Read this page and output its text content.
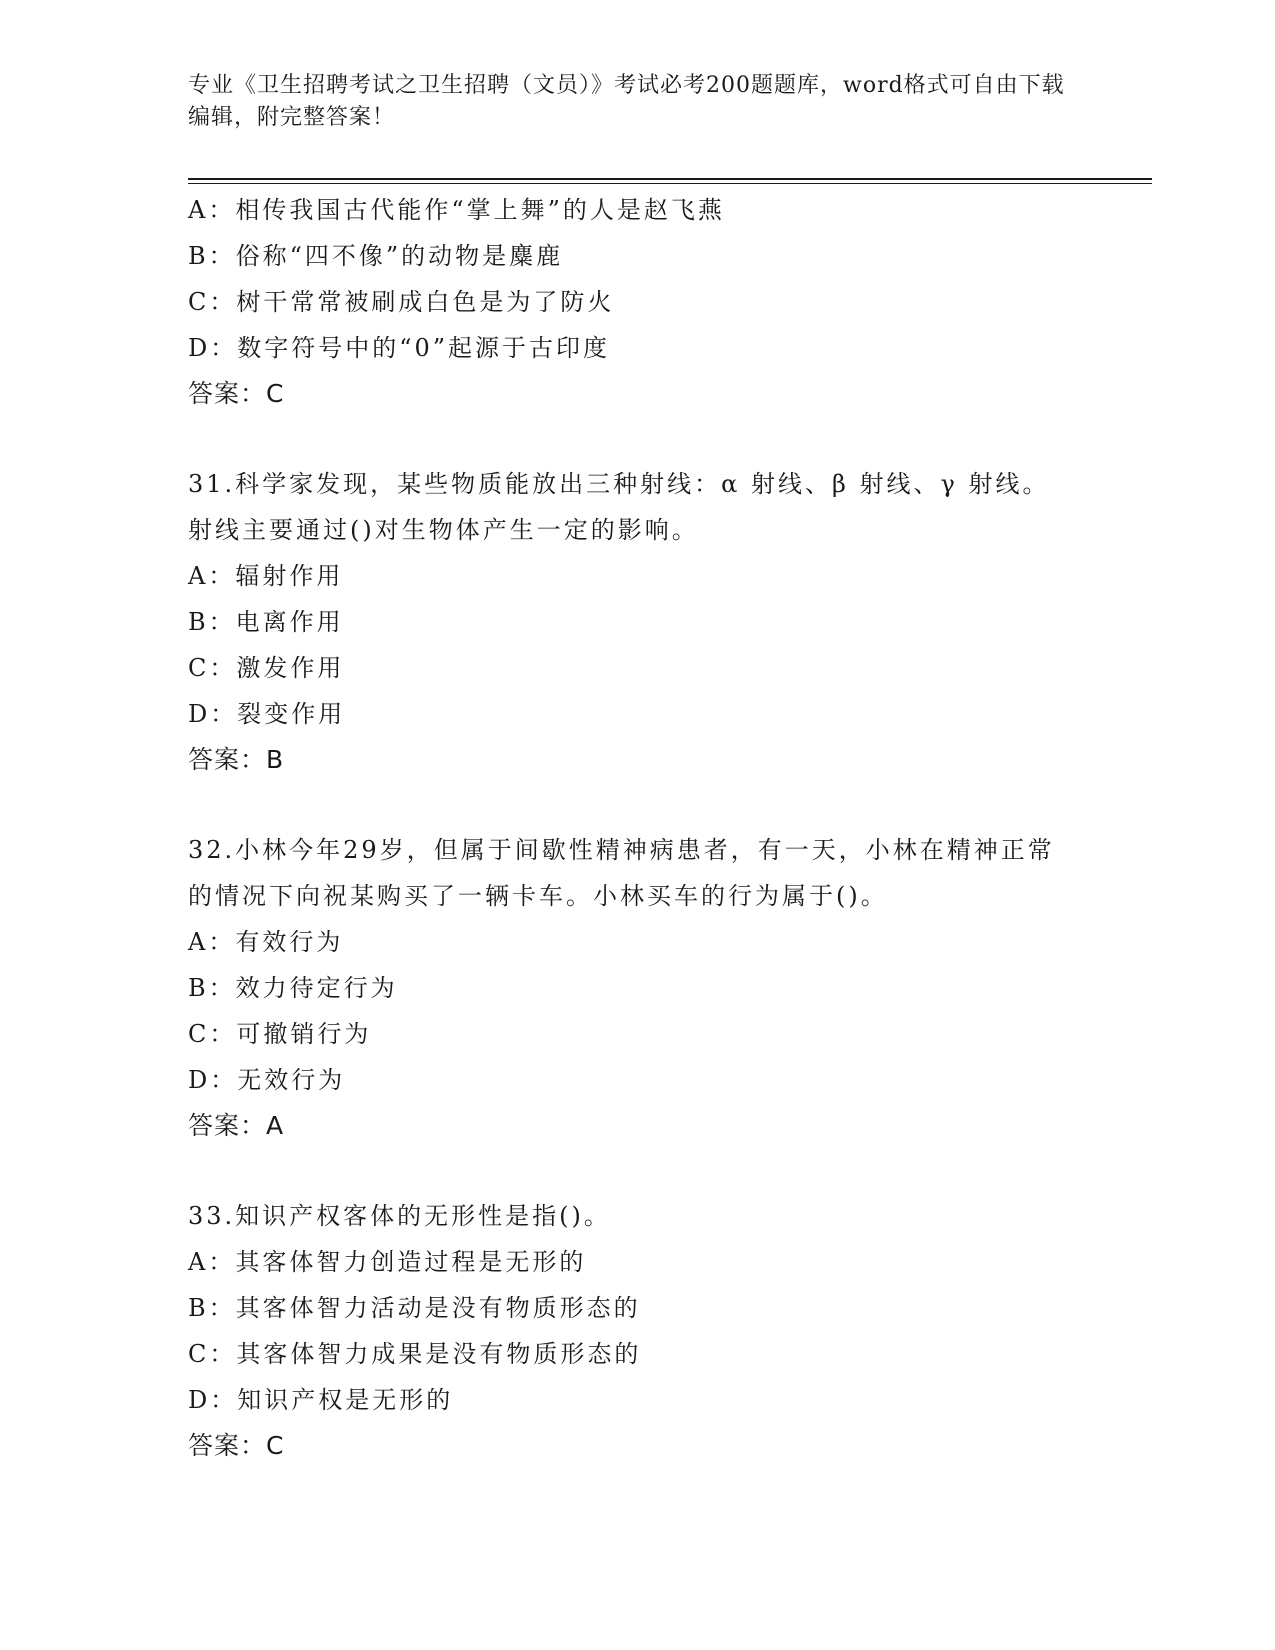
专业《卫生招聘考试之卫生招聘（文员）》考试必考200题题库，word格式可自由下载编辑，附完整答案！
A：相传我国古代能作“掌上舞”的人是赵飞燕
B：俗称“四不像”的动物是麋鹿
C：树干常常被刷成白色是为了防火
D：数字符号中的“0”起源于古印度
答案：C
31.科学家发现，某些物质能放出三种射线：α 射线、β 射线、γ 射线。射线主要通过()对生物体产生一定的影响。
A：辐射作用
B：电离作用
C：激发作用
D：裂变作用
答案：B
32.小林今年29岁，但属于间歇性精神病患者，有一天，小林在精神正常的情况下向祝某购买了一辆卡车。小林买车的行为属于()。
A：有效行为
B：效力待定行为
C：可撤销行为
D：无效行为
答案：A
33.知识产权客体的无形性是指()。
A：其客体智力创造过程是无形的
B：其客体智力活动是没有物质形态的
C：其客体智力成果是没有物质形态的
D：知识产权是无形的
答案：C
